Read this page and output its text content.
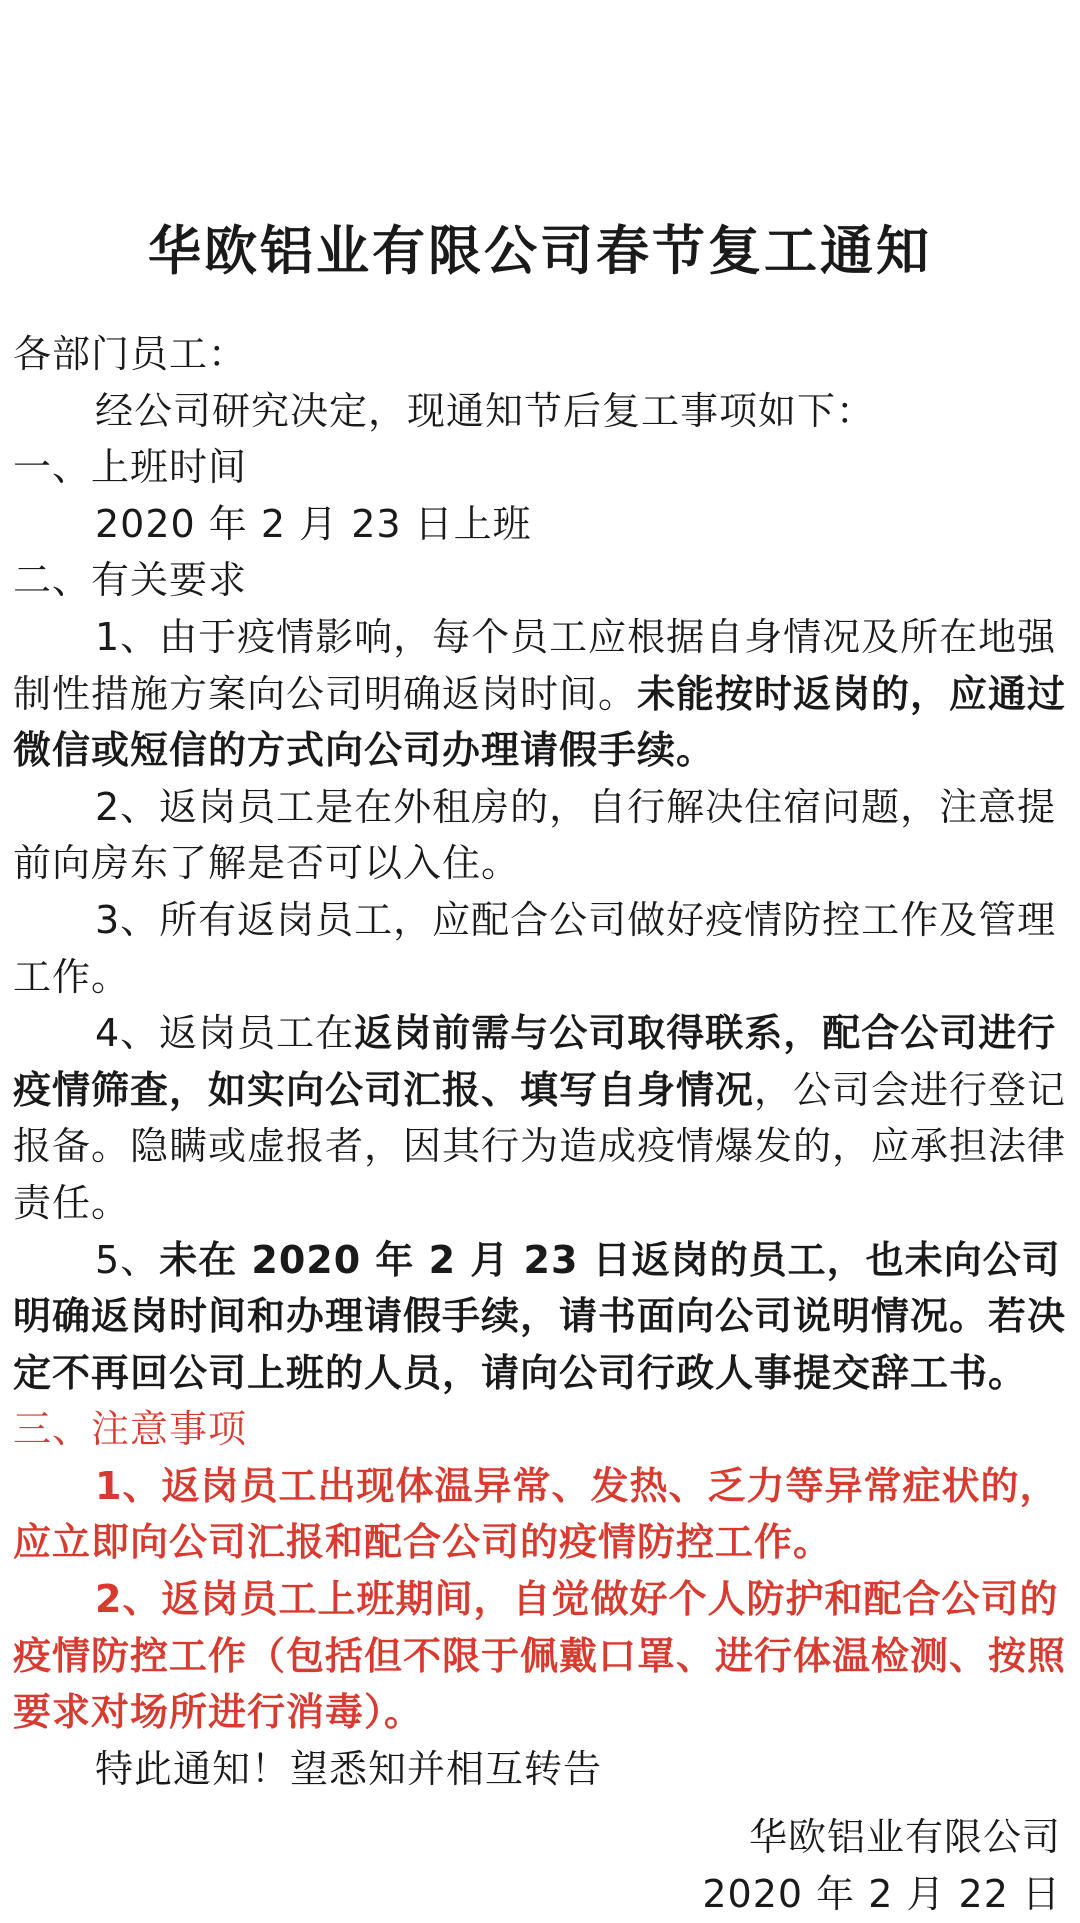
华欧铝业有限公司春节复工通知

各部门员工：

经公司研究决定，现通知节后复工事项如下：

一、上班时间

2020 年 2 月 23 日上班

二、有关要求

1、由于疫情影响，每个员工应根据自身情况及所在地强制性措施方案向公司明确返岗时间。未能按时返岗的，应通过微信或短信的方式向公司办理请假手续。

2、返岗员工是在外租房的，自行解决住宿问题，注意提前向房东了解是否可以入住。

3、所有返岗员工，应配合公司做好疫情防控工作及管理工作。

4、返岗员工在返岗前需与公司取得联系，配合公司进行疫情筛查，如实向公司汇报、填写自身情况，公司会进行登记报备。隐瞒或虚报者，因其行为造成疫情爆发的，应承担法律责任。

5、未在 2020 年 2 月 23 日返岗的员工，也未向公司明确返岗时间和办理请假手续，请书面向公司说明情况。若决定不再回公司上班的人员，请向公司行政人事提交辞工书。

三、注意事项

1、返岗员工出现体温异常、发热、乏力等异常症状的，应立即向公司汇报和配合公司的疫情防控工作。

2、返岗员工上班期间，自觉做好个人防护和配合公司的疫情防控工作（包括但不限于佩戴口罩、进行体温检测、按照要求对场所进行消毒）。

特此通知！望悉知并相互转告

华欧铝业有限公司

2020 年 2 月 22 日
